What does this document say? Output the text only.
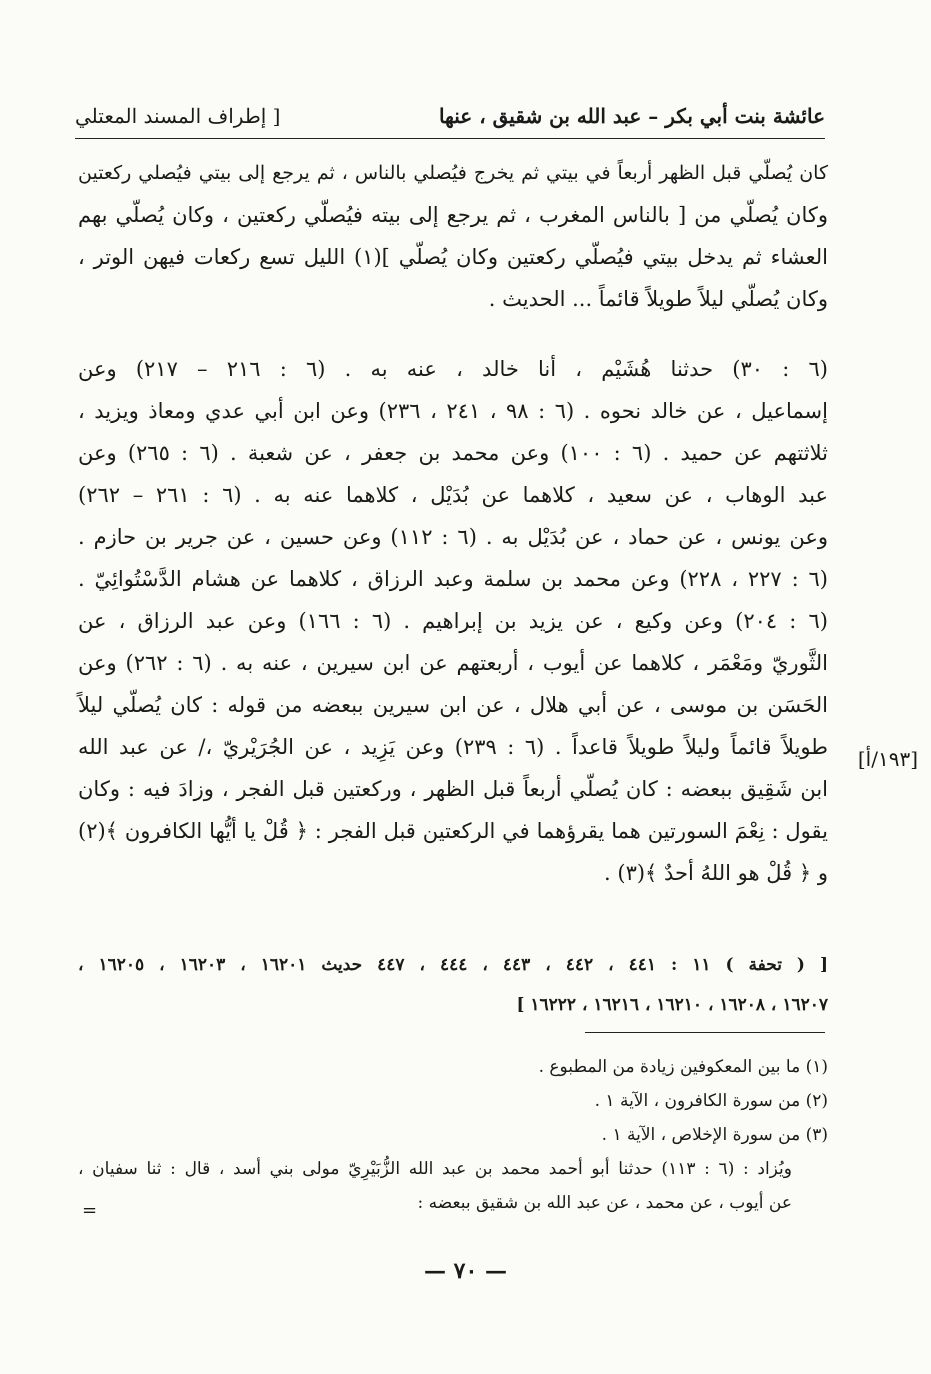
عائشة بنت أبي بكر – عبد الله بن شقيق ، عنها
[ إطراف المسند المعتلي
كان يُصلّي قبل الظهر أربعاً في بيتي ثم يخرج فيُصلي بالناس ، ثم يرجع إلى بيتي فيُصلي ركعتين
وكان يُصلّي من [ بالناس المغرب ، ثم يرجع إلى بيته فيُصلّي ركعتين ، وكان يُصلّي بهم
العشاء ثم يدخل بيتي فيُصلّي ركعتين وكان يُصلّي ](١) الليل تسع ركعات فيهن الوتر ،
وكان يُصلّي ليلاً طويلاً قائماً ... الحديث .
(٦ : ٣٠) حدثنا هُشَيْم ، أنا خالد ، عنه به . (٦ : ٢١٦ – ٢١٧) وعن
إسماعيل ، عن خالد نحوه . (٦ : ٩٨ ، ٢٤١ ، ٢٣٦) وعن ابن أبي عدي ومعاذ ويزيد ،
ثلاثتهم عن حميد . (٦ : ١٠٠) وعن محمد بن جعفر ، عن شعبة . (٦ : ٢٦٥) وعن
عبد الوهاب ، عن سعيد ، كلاهما عن بُدَيْل ، كلاهما عنه به . (٦ : ٢٦١ – ٢٦٢)
وعن يونس ، عن حماد ، عن بُدَيْل به . (٦ : ١١٢) وعن حسين ، عن جرير بن حازم .
(٦ : ٢٢٧ ، ٢٢٨) وعن محمد بن سلمة وعبد الرزاق ، كلاهما عن هشام الدَّسْتُوائِيّ .
(٦ : ٢٠٤) وعن وكيع ، عن يزيد بن إبراهيم . (٦ : ١٦٦) وعن عبد الرزاق ، عن
الثَّوريّ ومَعْمَر ، كلاهما عن أيوب ، أربعتهم عن ابن سيرين ، عنه به . (٦ : ٢٦٢) وعن
الحَسَن بن موسى ، عن أبي هلال ، عن ابن سيرين ببعضه من قوله : كان يُصلّي ليلاً
طويلاً قائماً وليلاً طويلاً قاعداً . (٦ : ٢٣٩) وعن يَزِيد ، عن الجُرَيْريّ ،/ عن عبد الله
ابن شَقِيق ببعضه : كان يُصلّي أربعاً قبل الظهر ، وركعتين قبل الفجر ، وزادَ فيه : وكان
يقول : نِعْمَ السورتين هما يقرؤهما في الركعتين قبل الفجر : ﴿ قُلْ يا أيُّها الكافرون ﴾(٢)
و ﴿ قُلْ هو اللهُ أحدٌ ﴾(٣) .
[١٩٣/أ]
[ ( تحفة ) ١١ : ٤٤١ ، ٤٤٢ ، ٤٤٣ ، ٤٤٤ ، ٤٤٧ حديث ١٦٢٠١ ، ١٦٢٠٣ ، ١٦٢٠٥ ،
١٦٢٠٧ ، ١٦٢٠٨ ، ١٦٢١٠ ، ١٦٢١٦ ، ١٦٢٢٢ ]
(١) ما بين المعكوفين زيادة من المطبوع .
(٢) من سورة الكافرون ، الآية ١ .
(٣) من سورة الإخلاص ، الآية ١ .
ويُزاد : (٦ : ١١٣) حدثنا أبو أحمد محمد بن عبد الله الزُّبَيْرِيّ مولى بني أسد ، قال : ثنا سفيان ،
عن أيوب ، عن محمد ، عن عبد الله بن شقيق ببعضه :
=
— ٧٠ —
